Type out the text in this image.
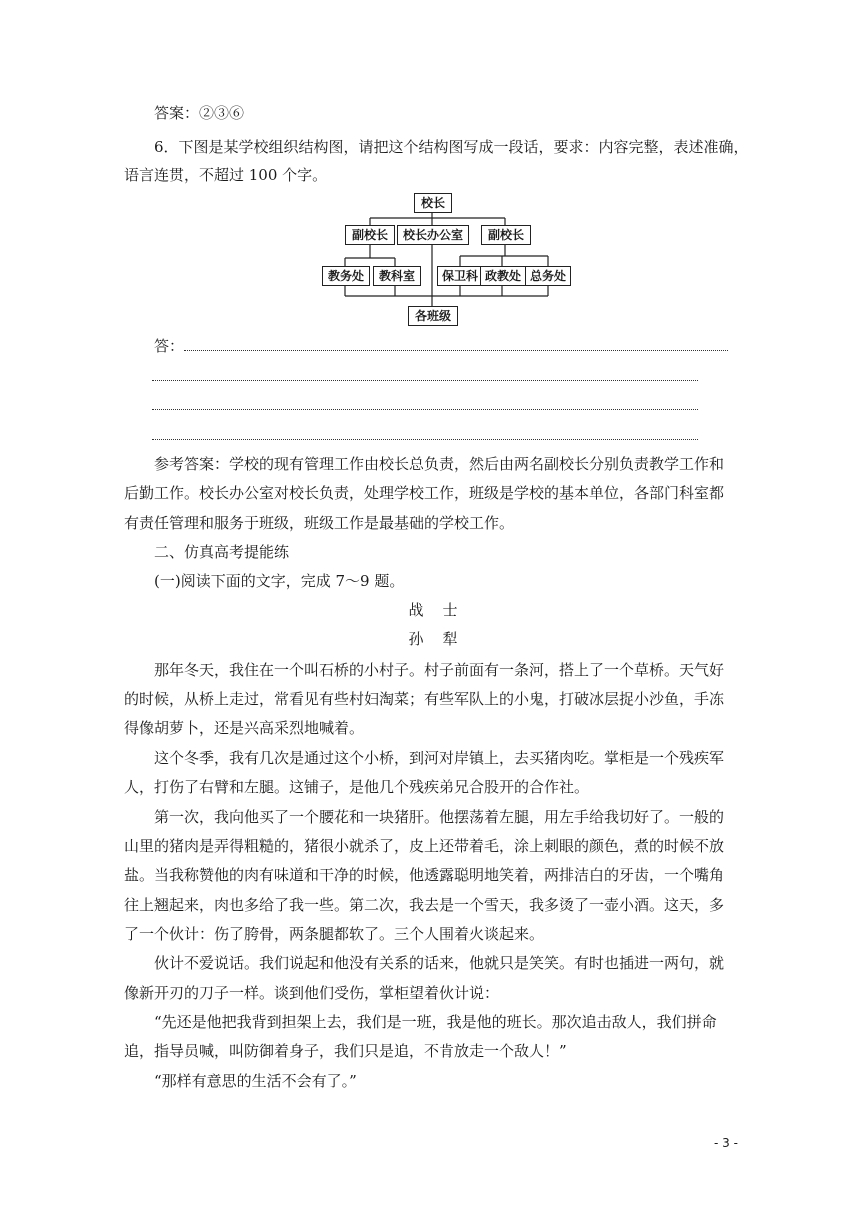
答案：②③⑥
6．下图是某学校组织结构图，请把这个结构图写成一段话，要求：内容完整，表述准确，
语言连贯，不超过 100 个字。
校长
副校长	校长办公室	副校长
教务处	教科室	保卫科 政教处 总务处
各班级
答：
参考答案：学校的现有管理工作由校长总负责，然后由两名副校长分别负责教学工作和
后勤工作。校长办公室对校长负责，处理学校工作，班级是学校的基本单位，各部门科室都
有责任管理和服务于班级，班级工作是最基础的学校工作。
二、仿真高考提能练
(一)阅读下面的文字，完成 7～9 题。
战　士
孙　犁
那年冬天，我住在一个叫石桥的小村子。村子前面有一条河，搭上了一个草桥。天气好
的时候，从桥上走过，常看见有些村妇淘菜；有些军队上的小鬼，打破冰层捉小沙鱼，手冻
得像胡萝卜，还是兴高采烈地喊着。
这个冬季，我有几次是通过这个小桥，到河对岸镇上，去买猪肉吃。掌柜是一个残疾军
人，打伤了右臂和左腿。这铺子，是他几个残疾弟兄合股开的合作社。
第一次，我向他买了一个腰花和一块猪肝。他摆荡着左腿，用左手给我切好了。一般的
山里的猪肉是弄得粗糙的，猪很小就杀了，皮上还带着毛，涂上刺眼的颜色，煮的时候不放
盐。当我称赞他的肉有味道和干净的时候，他透露聪明地笑着，两排洁白的牙齿，一个嘴角
往上翘起来，肉也多给了我一些。第二次，我去是一个雪天，我多烫了一壶小酒。这天，多
了一个伙计：伤了胯骨，两条腿都软了。三个人围着火谈起来。
伙计不爱说话。我们说起和他没有关系的话来，他就只是笑笑。有时也插进一两句，就
像新开刃的刀子一样。谈到他们受伤，掌柜望着伙计说：
“先还是他把我背到担架上去，我们是一班，我是他的班长。那次追击敌人，我们拼命
追，指导员喊，叫防御着身子，我们只是追，不肯放走一个敌人！”
“那样有意思的生活不会有了。”
- 3 -
